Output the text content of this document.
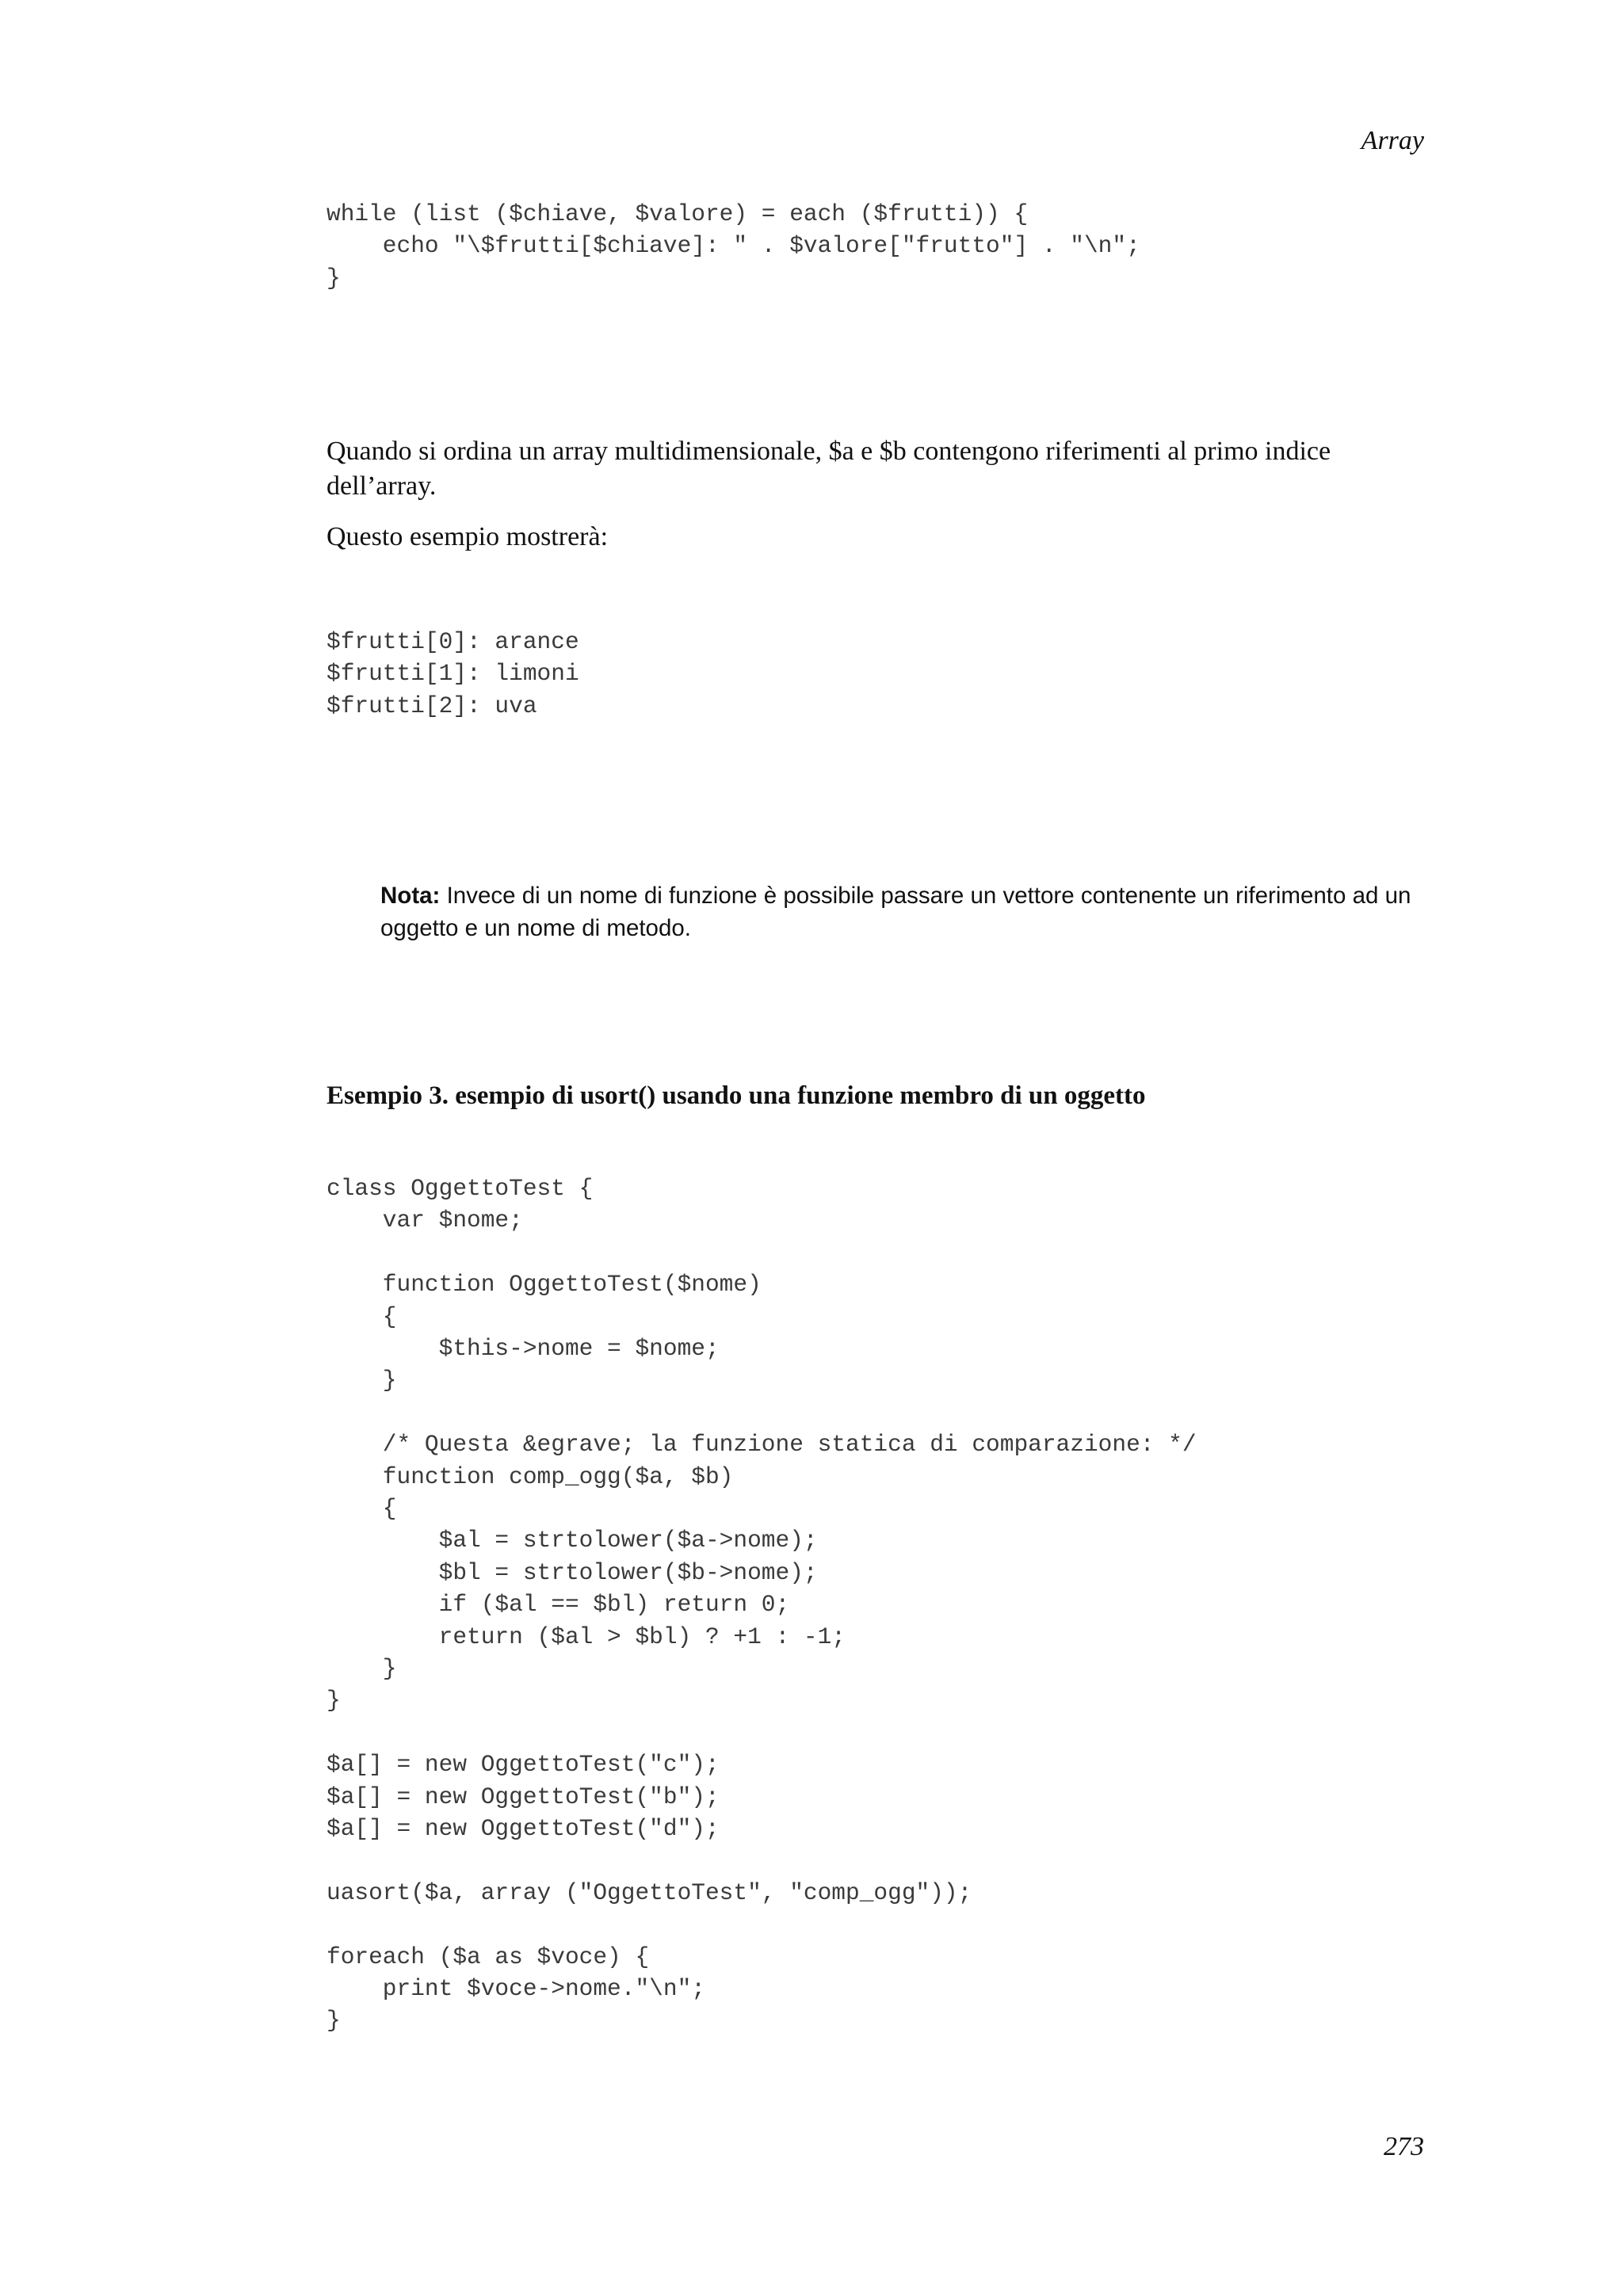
Array

while (list ($chiave, $valore) = each ($frutti)) {
echo "\$frutti[$chiave]: " . $valore["frutto"] . "\n";
}

Quando si ordina un array multidimensionale, $a e $b contengono riferimenti al primo indice dell’array.

Questo esempio mostrerà:

$frutti[0]: arance
$frutti[1]: limoni
$frutti[2]: uva

Nota: Invece di un nome di funzione è possibile passare un vettore contenente un riferimento ad un oggetto e un nome di metodo.

Esempio 3. esempio di usort() usando una funzione membro di un oggetto

class OggettoTest {
var $nome;
function OggettoTest($nome)
{
$this->nome = $nome;
}
/* Questa &egrave; la funzione statica di comparazione: */
function comp_ogg($a, $b)
{
$al = strtolower($a->nome);
$bl = strtolower($b->nome);
if ($al == $bl) return 0;
return ($al > $bl) ? +1 : -1;
}
}
$a[] = new OggettoTest("c");
$a[] = new OggettoTest("b");
$a[] = new OggettoTest("d");
uasort($a, array ("OggettoTest", "comp_ogg"));
foreach ($a as $voce) {
print $voce->nome."\n";
}

273
